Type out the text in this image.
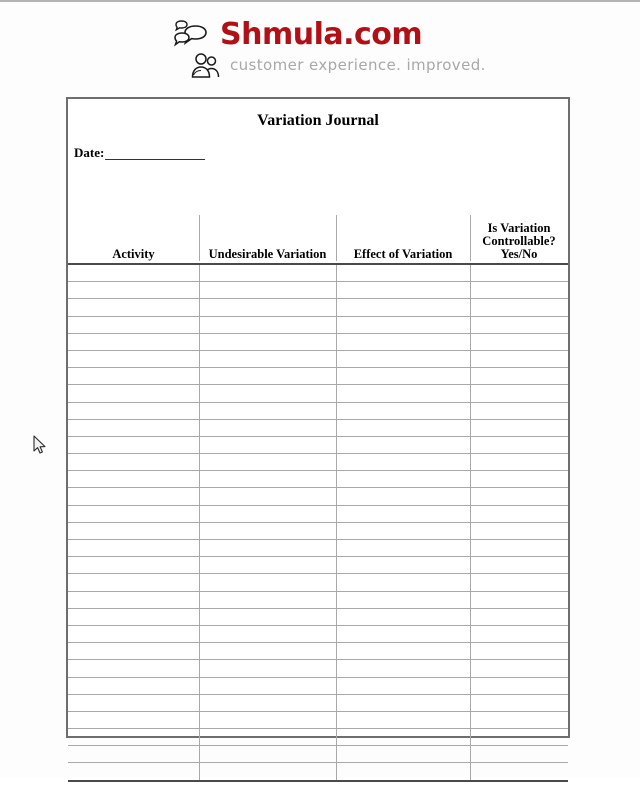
Shmula.com
customer experience. improved.
Variation Journal
Date:
Activity	Undesirable Variation	Effect of Variation	Is Variation
Controllable?
Yes/No
